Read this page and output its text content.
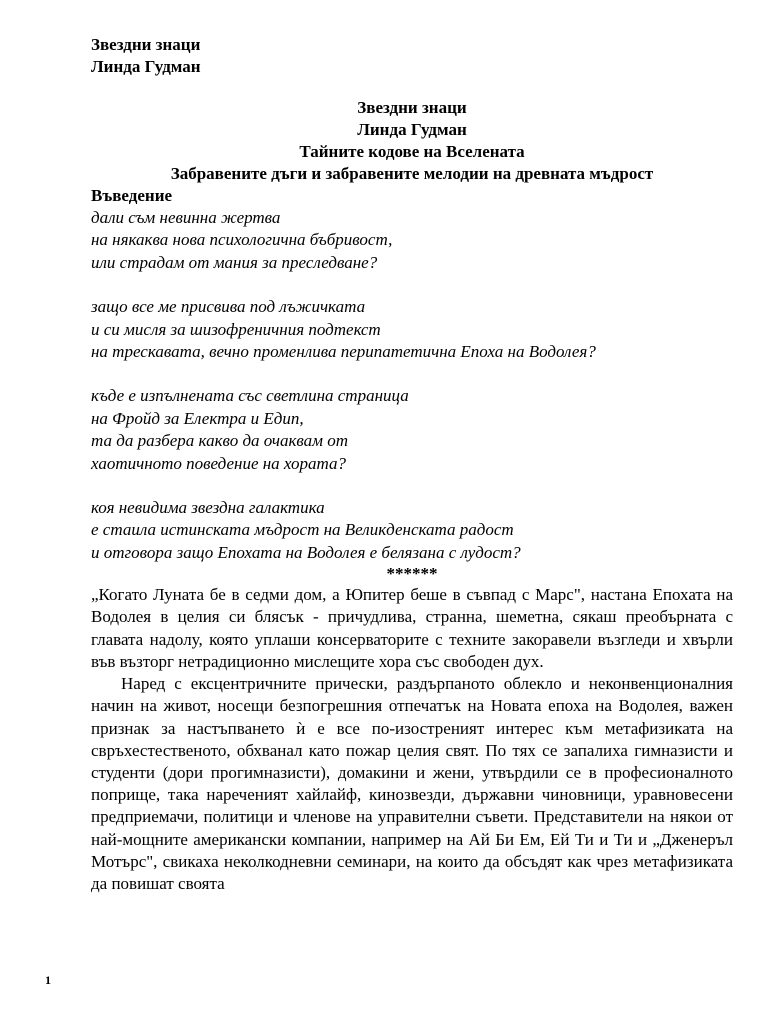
Звездни знаци
Линда Гудман
Звездни знаци
Линда Гудман
Тайните кодове на Вселената
Забравените дъги и забравените мелодии на древната мъдрост
Въведение
дали съм невинна жертва
на някаква нова психологична бъбривост,
или страдам от мания за преследване?
защо все ме присвива под лъжичката
и си мисля за шизофреничния подтекст
на трескавата, вечно променлива перипатетична Епоха на Водолея?
къде е изпълнената със светлина страница
на Фройд за Електра и Едип,
та да разбера какво да очаквам от
хаотичното поведение на хората?
коя невидима звездна галактика
е стаила истинската мъдрост на Великденската радост
и отговора защо Епохата на Водолея е белязана с лудост?
******

„Когато Луната бе в седми дом, а Юпитер беше в съвпад с Марс", настана Епохата на Водолея в целия си блясък - причудлива, странна, шеметна, сякаш преобърната с главата надолу, която уплаши консерваторите с техните закоравели възгледи и хвърли във възторг нетрадиционно мислещите хора със свободен дух.

Наред с ексцентричните прически, раздърпаното облекло и неконвенционалния начин на живот, носещи безпогрешния отпечатък на Новата епоха на Водолея, важен признак за настъпването ѝ е все по-изостреният интерес към метафизиката на свръхестественото, обхванал като пожар целия свят. По тях се запалиха гимназисти и студенти (дори прогимназисти), домакини и жени, утвърдили се в професионалното поприще, така нареченият хайлайф, кинозвезди, държавни чиновници, уравновесени предприемачи, политици и членове на управителни съвети. Представители на някои от най-мощните американски компании, например на Ай Би Ем, Ей Ти и Ти и „Дженеръл Мотърс", свикаха неколкодневни семинари, на които да обсъдят как чрез метафизиката да повишат своята

1
